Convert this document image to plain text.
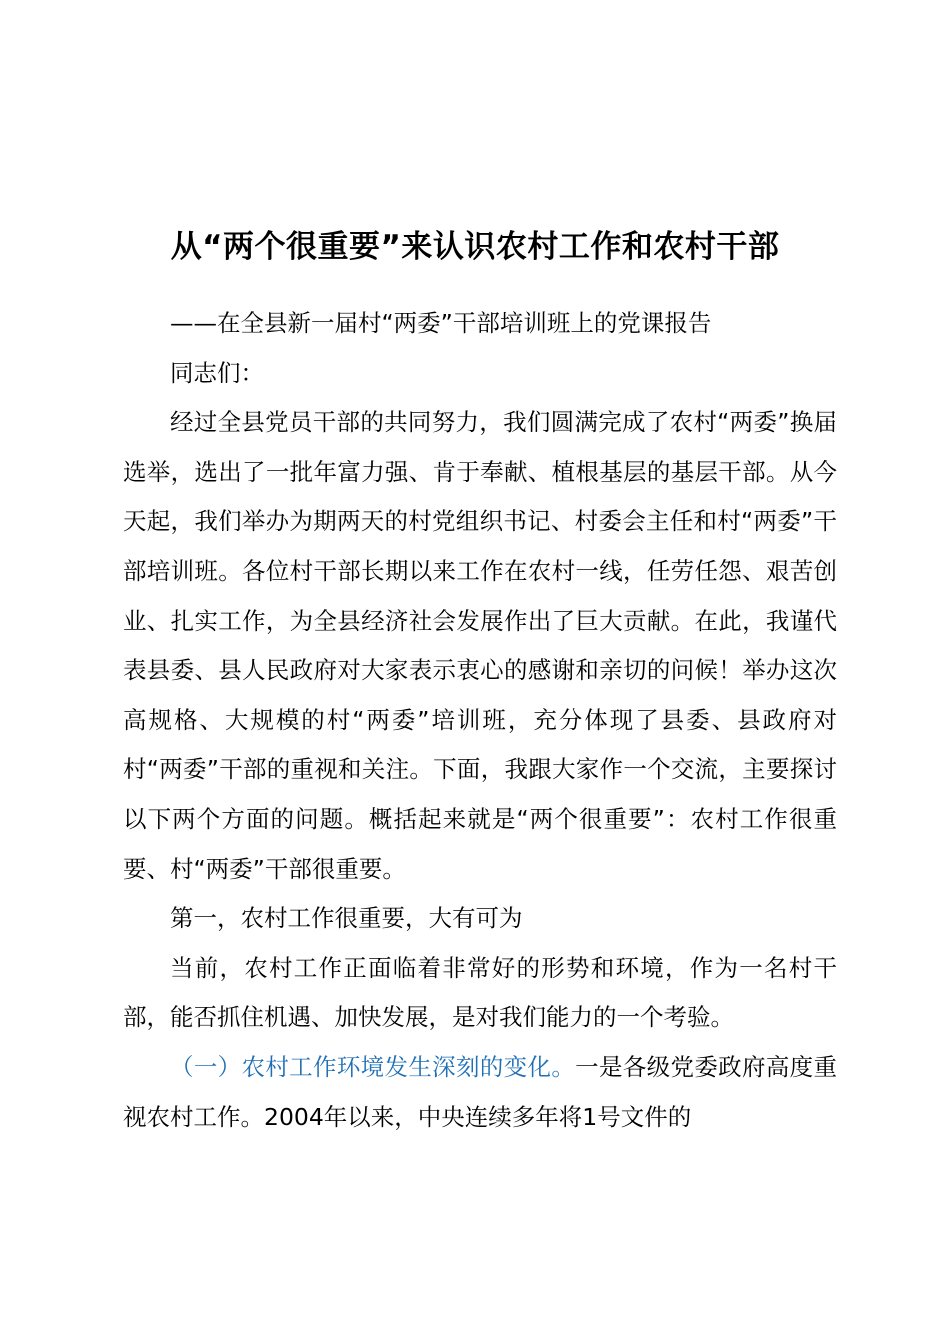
从“两个很重要”来认识农村工作和农村干部

——在全县新一届村“两委”干部培训班上的党课报告

同志们：

经过全县党员干部的共同努力，我们圆满完成了农村“两委”换届选举，选出了一批年富力强、肯于奉献、植根基层的基层干部。从今天起，我们举办为期两天的村党组织书记、村委会主任和村“两委”干部培训班。各位村干部长期以来工作在农村一线，任劳任怨、艰苦创业、扎实工作，为全县经济社会发展作出了巨大贡献。在此，我谨代表县委、县人民政府对大家表示衷心的感谢和亲切的问候！举办这次高规格、大规模的村“两委”培训班，充分体现了县委、县政府对村“两委”干部的重视和关注。下面，我跟大家作一个交流，主要探讨以下两个方面的问题。概括起来就是“两个很重要”：农村工作很重要、村“两委”干部很重要。

第一，农村工作很重要，大有可为

当前，农村工作正面临着非常好的形势和环境，作为一名村干部，能否抓住机遇、加快发展，是对我们能力的一个考验。

（一）农村工作环境发生深刻的变化。一是各级党委政府高度重视农村工作。2004年以来，中央连续多年将1号文件的
